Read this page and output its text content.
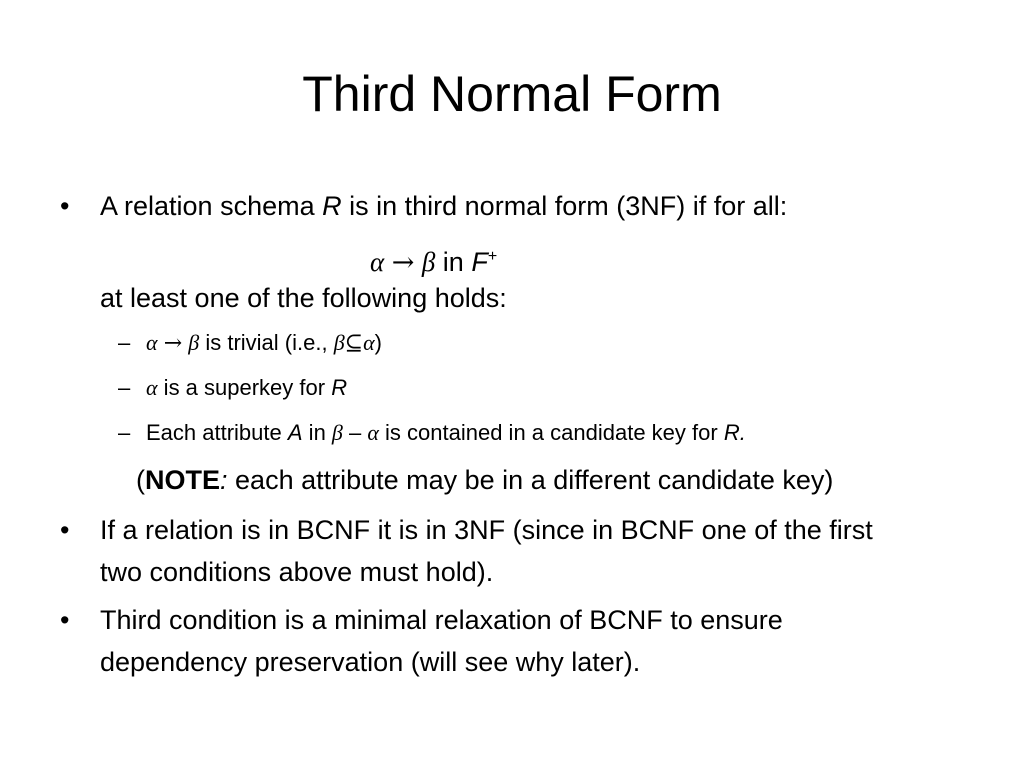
Third Normal Form
• A relation schema R is in third normal form (3NF) if for all:
α → β in F+
at least one of the following holds:
– α → β is trivial (i.e., β⊆α)
– α is a superkey for R
– Each attribute A in β – α is contained in a candidate key for R.
(NOTE: each attribute may be in a different candidate key)
• If a relation is in BCNF it is in 3NF (since in BCNF one of the first
two conditions above must hold).
• Third condition is a minimal relaxation of BCNF to ensure
dependency preservation (will see why later).
